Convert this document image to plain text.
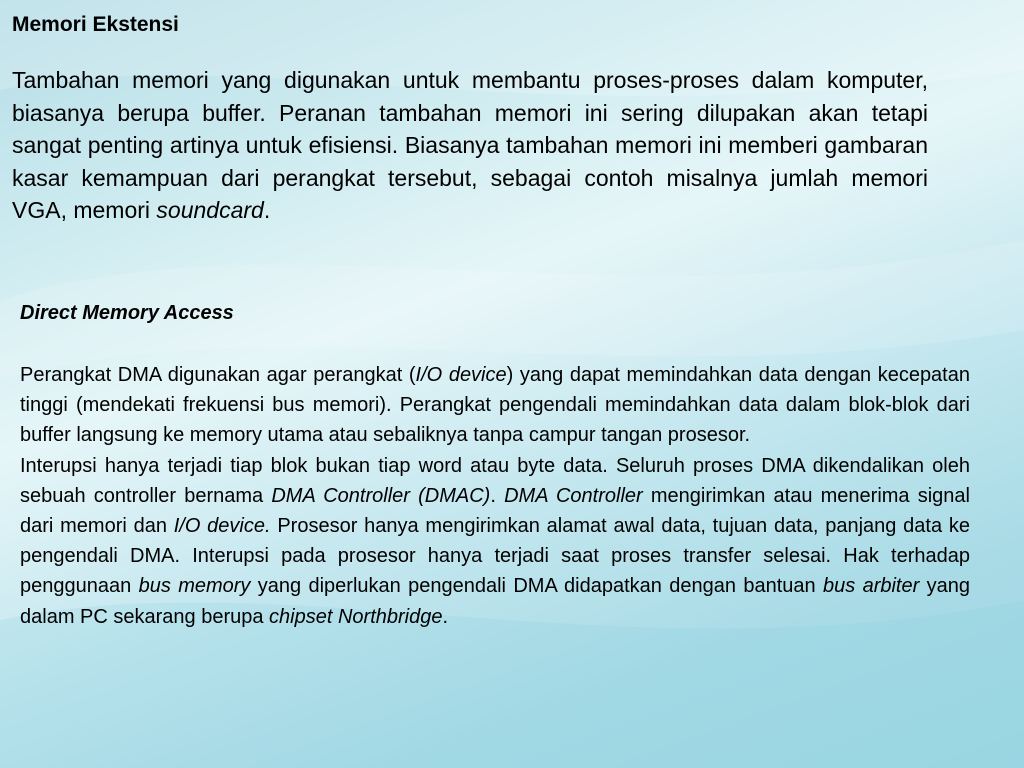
Memori Ekstensi

Tambahan memori yang digunakan untuk membantu proses-proses dalam komputer, biasanya berupa buffer. Peranan tambahan memori ini sering dilupakan akan tetapi sangat penting artinya untuk efisiensi. Biasanya tambahan memori ini memberi gambaran kasar kemampuan dari perangkat tersebut, sebagai contoh misalnya jumlah memori VGA, memori soundcard.

Direct Memory Access

Perangkat DMA digunakan agar perangkat (I/O device) yang dapat memindahkan data dengan kecepatan tinggi (mendekati frekuensi bus memori). Perangkat pengendali memindahkan data dalam blok-blok dari buffer langsung ke memory utama atau sebaliknya tanpa campur tangan prosesor.

Interupsi hanya terjadi tiap blok bukan tiap word atau byte data. Seluruh proses DMA dikendalikan oleh sebuah controller bernama DMA Controller (DMAC). DMA Controller mengirimkan atau menerima signal dari memori dan I/O device. Prosesor hanya mengirimkan alamat awal data, tujuan data, panjang data ke pengendali DMA. Interupsi pada prosesor hanya terjadi saat proses transfer selesai. Hak terhadap penggunaan bus memory yang diperlukan pengendali DMA didapatkan dengan bantuan bus arbiter yang dalam PC sekarang berupa chipset Northbridge.
